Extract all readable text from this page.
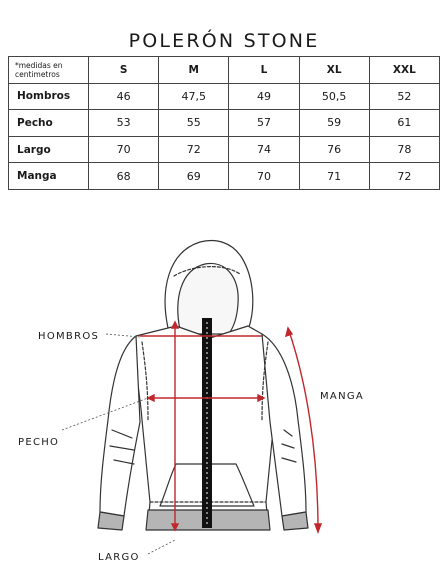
POLERÓN STONE
*medidas en centimetros	S	M	L	XL	XXL
Hombros	46	47,5	49	50,5	52
Pecho	53	55	57	59	61
Largo	70	72	74	76	78
Manga	68	69	70	71	72
HOMBROS
PECHO
MANGA
LARGO
